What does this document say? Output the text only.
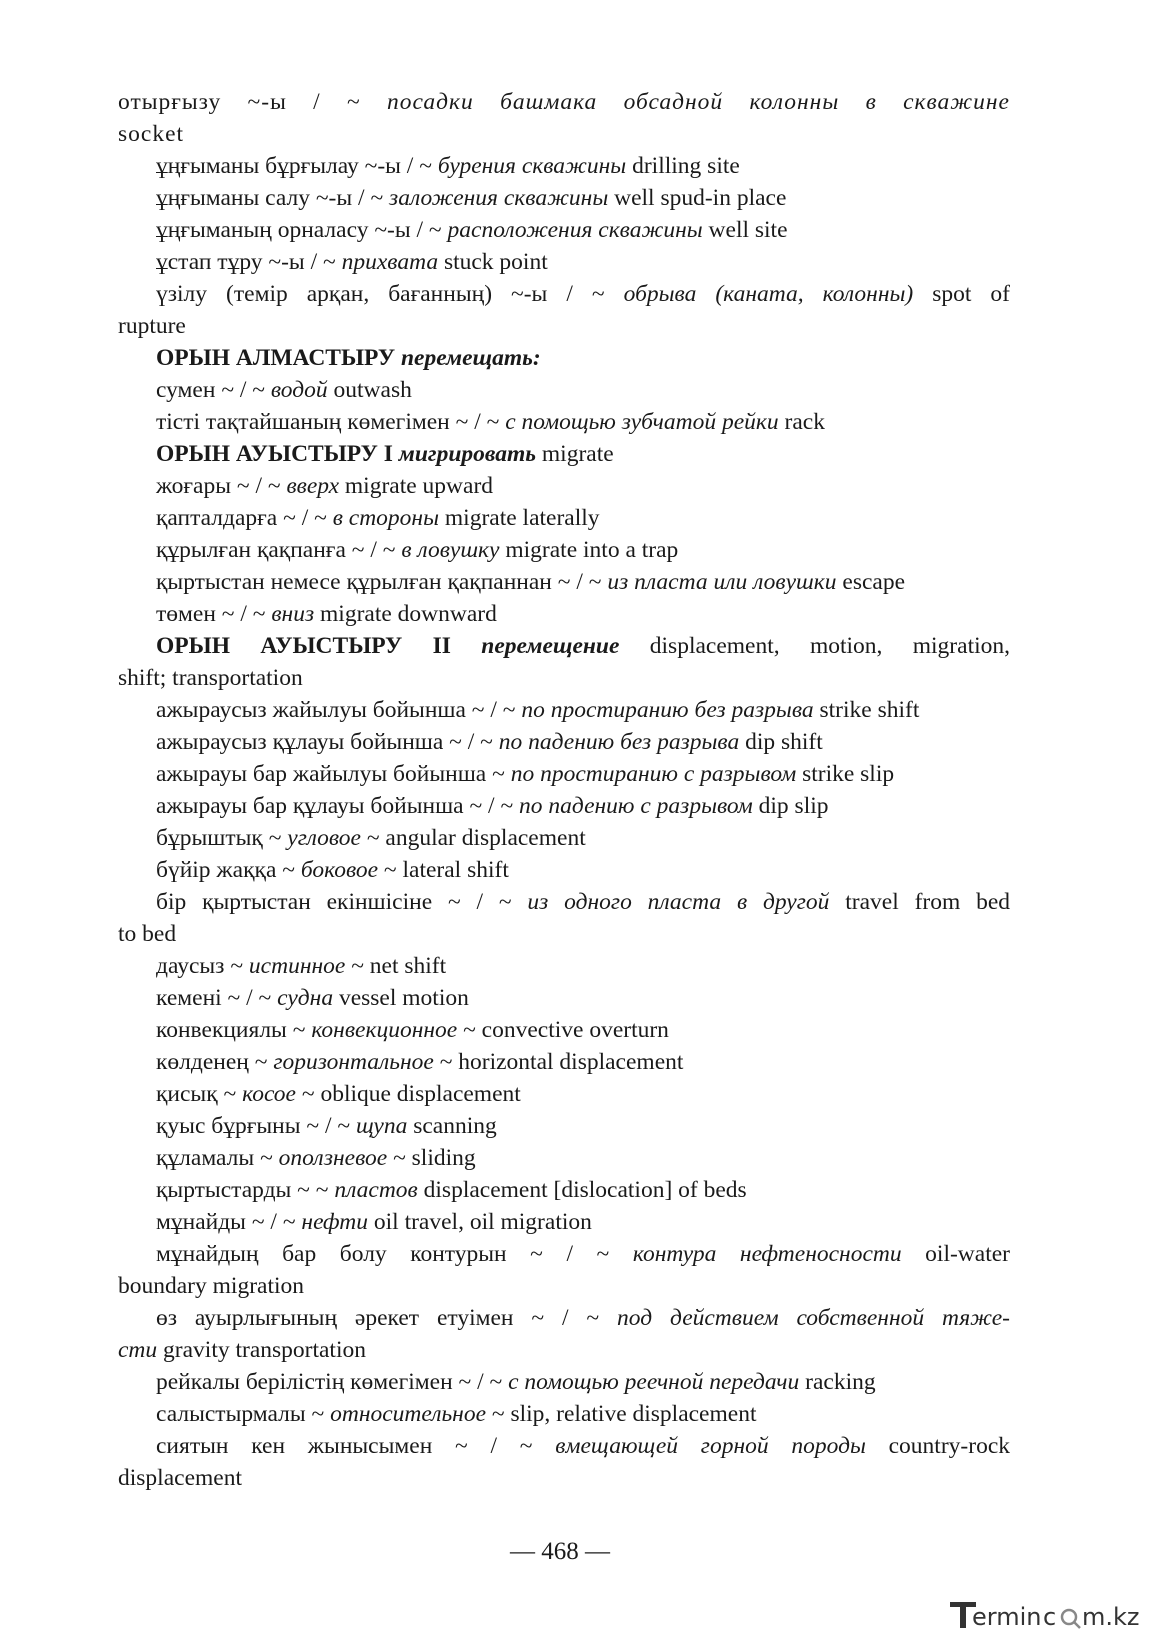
отырғызу ~-ы / ~ посадки башмака обсадной колонны в скважине
socket
ұңғыманы бұрғылау ~-ы / ~ бурения скважины drilling site
ұңғыманы салу ~-ы / ~ заложения скважины well spud-in place
ұңғыманың орналасу ~-ы / ~ расположения скважины well site
ұстап тұру ~-ы / ~ прихвата stuck point
үзілу (темір арқан, бағанның) ~-ы / ~ обрыва (каната, колонны) spot of
rupture
ОРЫН АЛМАСТЫРУ перемещать:
сумен ~ / ~ водой outwash
тісті тақтайшаның көмегімен ~ / ~ с помощью зубчатой рейки rack
ОРЫН АУЫСТЫРУ I мигрировать migrate
жоғары ~ / ~ вверх migrate upward
қапталдарға ~ / ~ в стороны migrate laterally
құрылған қақпанға ~ / ~ в ловушку migrate into a trap
қыртыстан немесе құрылған қақпаннан ~ / ~ из пласта или ловушки escape
төмен ~ / ~ вниз migrate downward
ОРЫН АУЫСТЫРУ II перемещение displacement, motion, migration,
shift; transportation
ажыраусыз жайылуы бойынша ~ / ~ по простиранию без разрыва strike shift
ажыраусыз құлауы бойынша ~ / ~ по падению без разрыва dip shift
ажырауы бар жайылуы бойынша ~ по простиранию с разрывом strike slip
ажырауы бар құлауы бойынша ~ / ~ по падению с разрывом dip slip
бұрыштық ~ угловое ~ angular displacement
бүйір жаққа ~ боковое ~ lateral shift
бір қыртыстан екіншісіне ~ / ~ из одного пласта в другой travel from bed
to bed
даусыз ~ истинное ~ net shift
кемені ~ / ~ судна vessel motion
конвекциялы ~ конвекционное ~ convective overturn
көлденең ~ горизонтальное ~ horizontal displacement
қисық ~ косое ~ oblique displacement
қуыс бұрғыны ~ / ~ щупа scanning
құламалы ~ оползневое ~ sliding
қыртыстарды ~ ~ пластов displacement [dislocation] of beds
мұнайды ~ / ~ нефти oil travel, oil migration
мұнайдың бар болу контурын ~ / ~ контура нефтеносности oil-water
boundary migration
өз ауырлығының әрекет етуімен ~ / ~ под действием собственной тяже-
сти gravity transportation
рейкалы берілістің көмегімен ~ / ~ с помощью реечной передачи racking
салыстырмалы ~ относительное ~ slip, relative displacement
сиятын кен жынысымен ~ / ~ вмещающей горной породы country-rock
displacement
— 468 —
ermin c m.kz
